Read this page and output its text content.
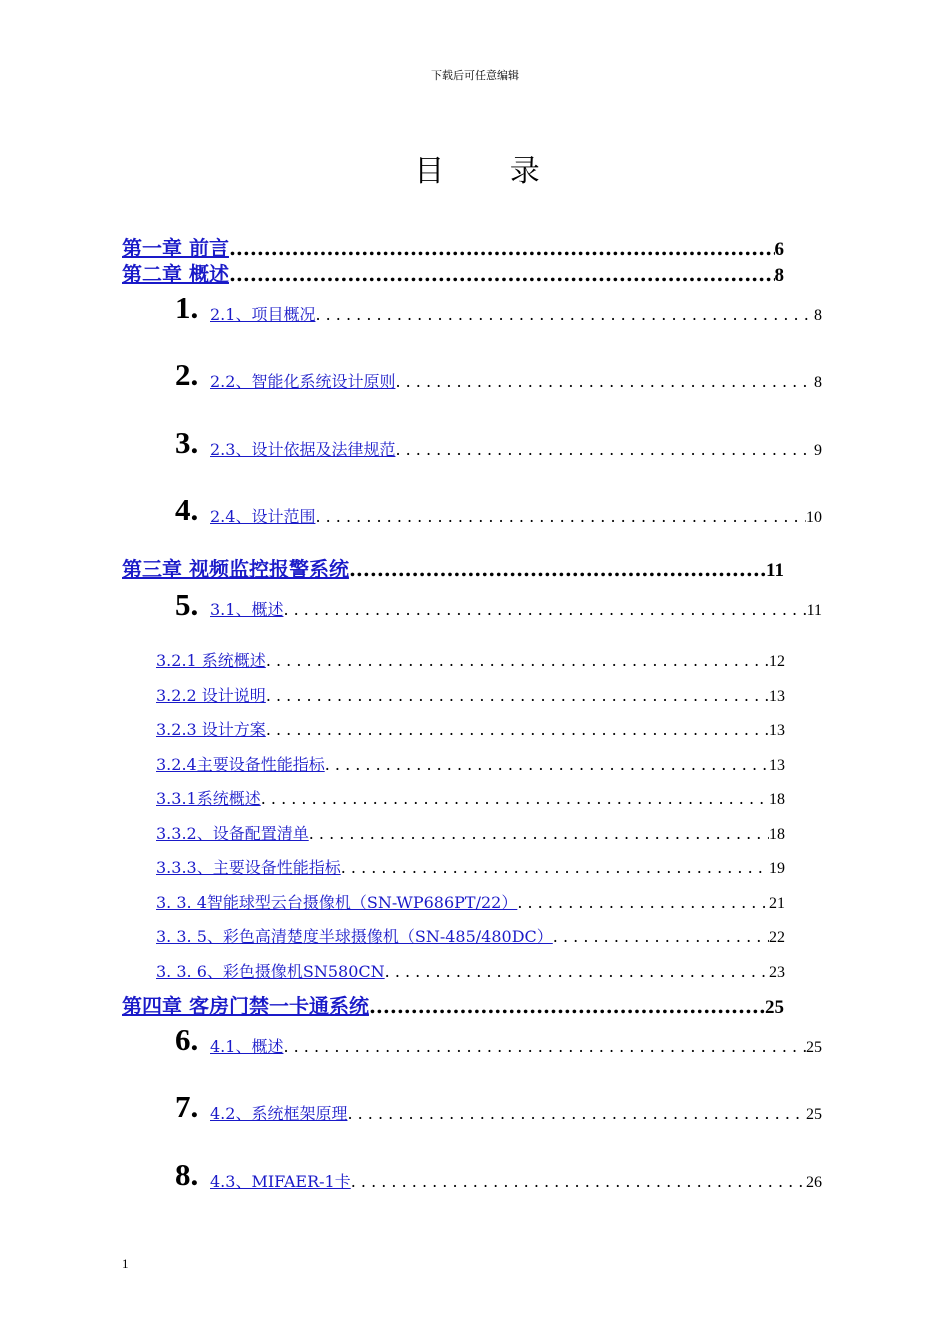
下载后可任意编辑
目 录
第一章 前言 .....	6
第二章 概述 .....	8
1. 2.1、项目概况 . . .	8
2. 2.2、智能化系统设计原则 . . .	8
3. 2.3、设计依据及法律规范 . . .	9
4. 2.4、设计范围 . . .	10
第三章 视频监控报警系统 .....	11
5. 3.1、概述 . . .	11
3.2.1 系统概述 . . .	12
3.2.2 设计说明 . . .	13
3.2.3 设计方案 . . .	13
3.2.4主要设备性能指标 . . .	13
3.3.1系统概述 . . .	18
3.3.2、设备配置清单 . . .	18
3.3.3、主要设备性能指标 . . .	19
3. 3. 4智能球型云台摄像机（SN-WP686PT/22） . . .	21
3. 3. 5、彩色高清楚度半球摄像机（SN-485/480DC） . . .	22
3. 3. 6、彩色摄像机SN580CN . . .	23
第四章 客房门禁一卡通系统 .....	25
6. 4.1、概述 . . .	25
7. 4.2、系统框架原理 . . .	25
8. 4.3、MIFAER-1卡 . . .	26
1
